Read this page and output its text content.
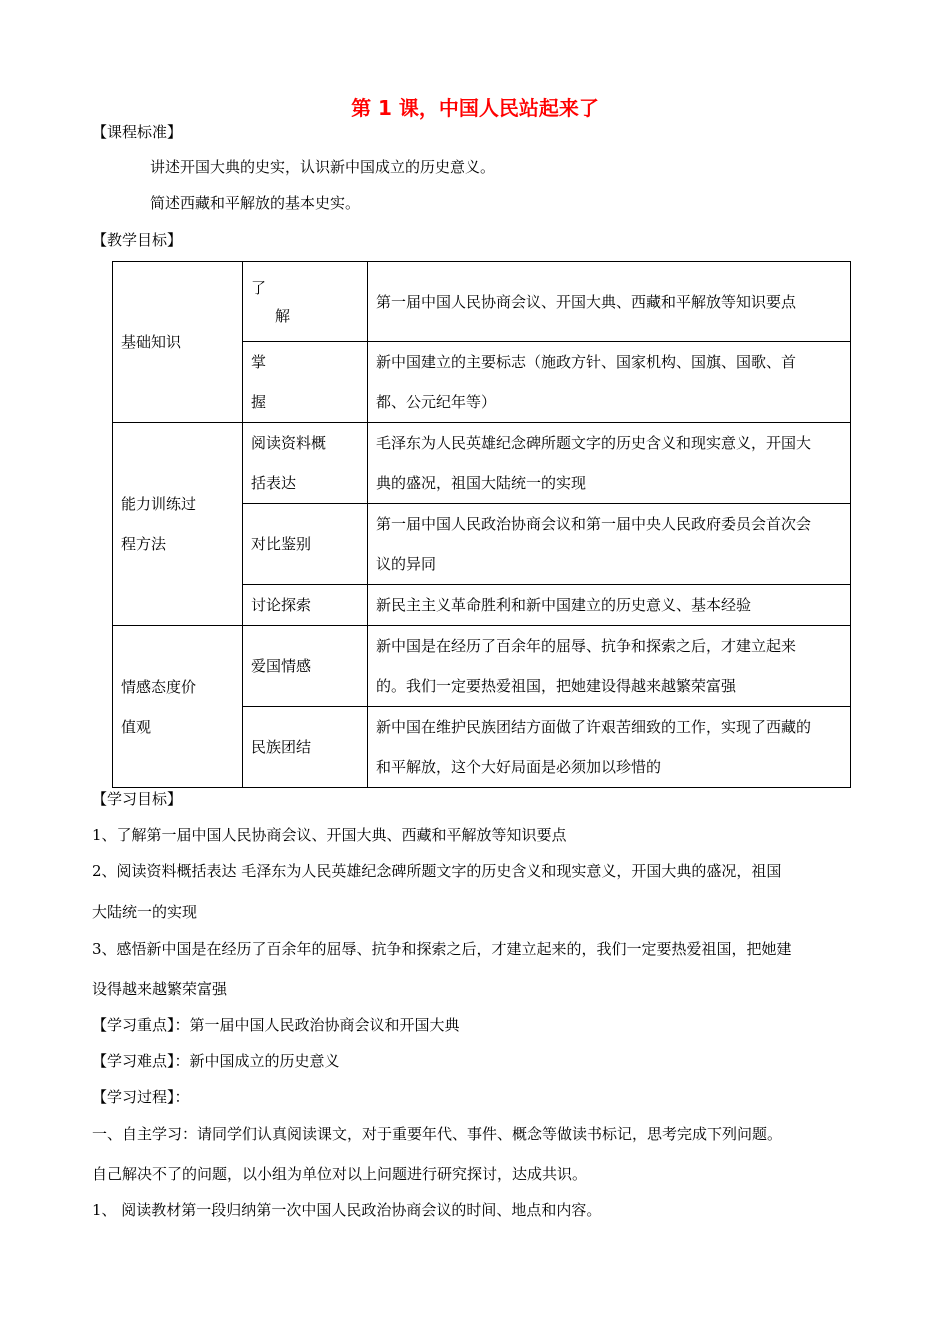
第 1 课，中国人民站起来了
【课程标准】
讲述开国大典的史实，认识新中国成立的历史意义。
简述西藏和平解放的基本史实。
【教学目标】
基础知识	了
解	第一届中国人民协商会议、开国大典、西藏和平解放等知识要点

	掌
握	新中国建立的主要标志（施政方针、国家机构、国旗、国歌、首
都、公元纪年等）

能力训练过
程方法	阅读资料概
括表达	毛泽东为人民英雄纪念碑所题文字的历史含义和现实意义，开国大
典的盛况，祖国大陆统一的实现

	对比鉴别	第一届中国人民政治协商会议和第一届中央人民政府委员会首次会
议的异同

	讨论探索	新民主主义革命胜利和新中国建立的历史意义、基本经验

情感态度价
值观	爱国情感	新中国是在经历了百余年的屈辱、抗争和探索之后，才建立起来
的。我们一定要热爱祖国，把她建设得越来越繁荣富强

	民族团结	新中国在维护民族团结方面做了许艰苦细致的工作，实现了西藏的
和平解放，这个大好局面是必须加以珍惜的
【学习目标】
1、了解第一届中国人民协商会议、开国大典、西藏和平解放等知识要点
2、阅读资料概括表达 毛泽东为人民英雄纪念碑所题文字的历史含义和现实意义，开国大典的盛况，祖国
大陆统一的实现
3、感悟新中国是在经历了百余年的屈辱、抗争和探索之后，才建立起来的，我们一定要热爱祖国，把她建
设得越来越繁荣富强
【学习重点】：第一届中国人民政治协商会议和开国大典
【学习难点】：新中国成立的历史意义
【学习过程】：
一、自主学习：请同学们认真阅读课文，对于重要年代、事件、概念等做读书标记，思考完成下列问题。
自己解决不了的问题，以小组为单位对以上问题进行研究探讨，达成共识。
1、 阅读教材第一段归纳第一次中国人民政治协商会议的时间、地点和内容。
